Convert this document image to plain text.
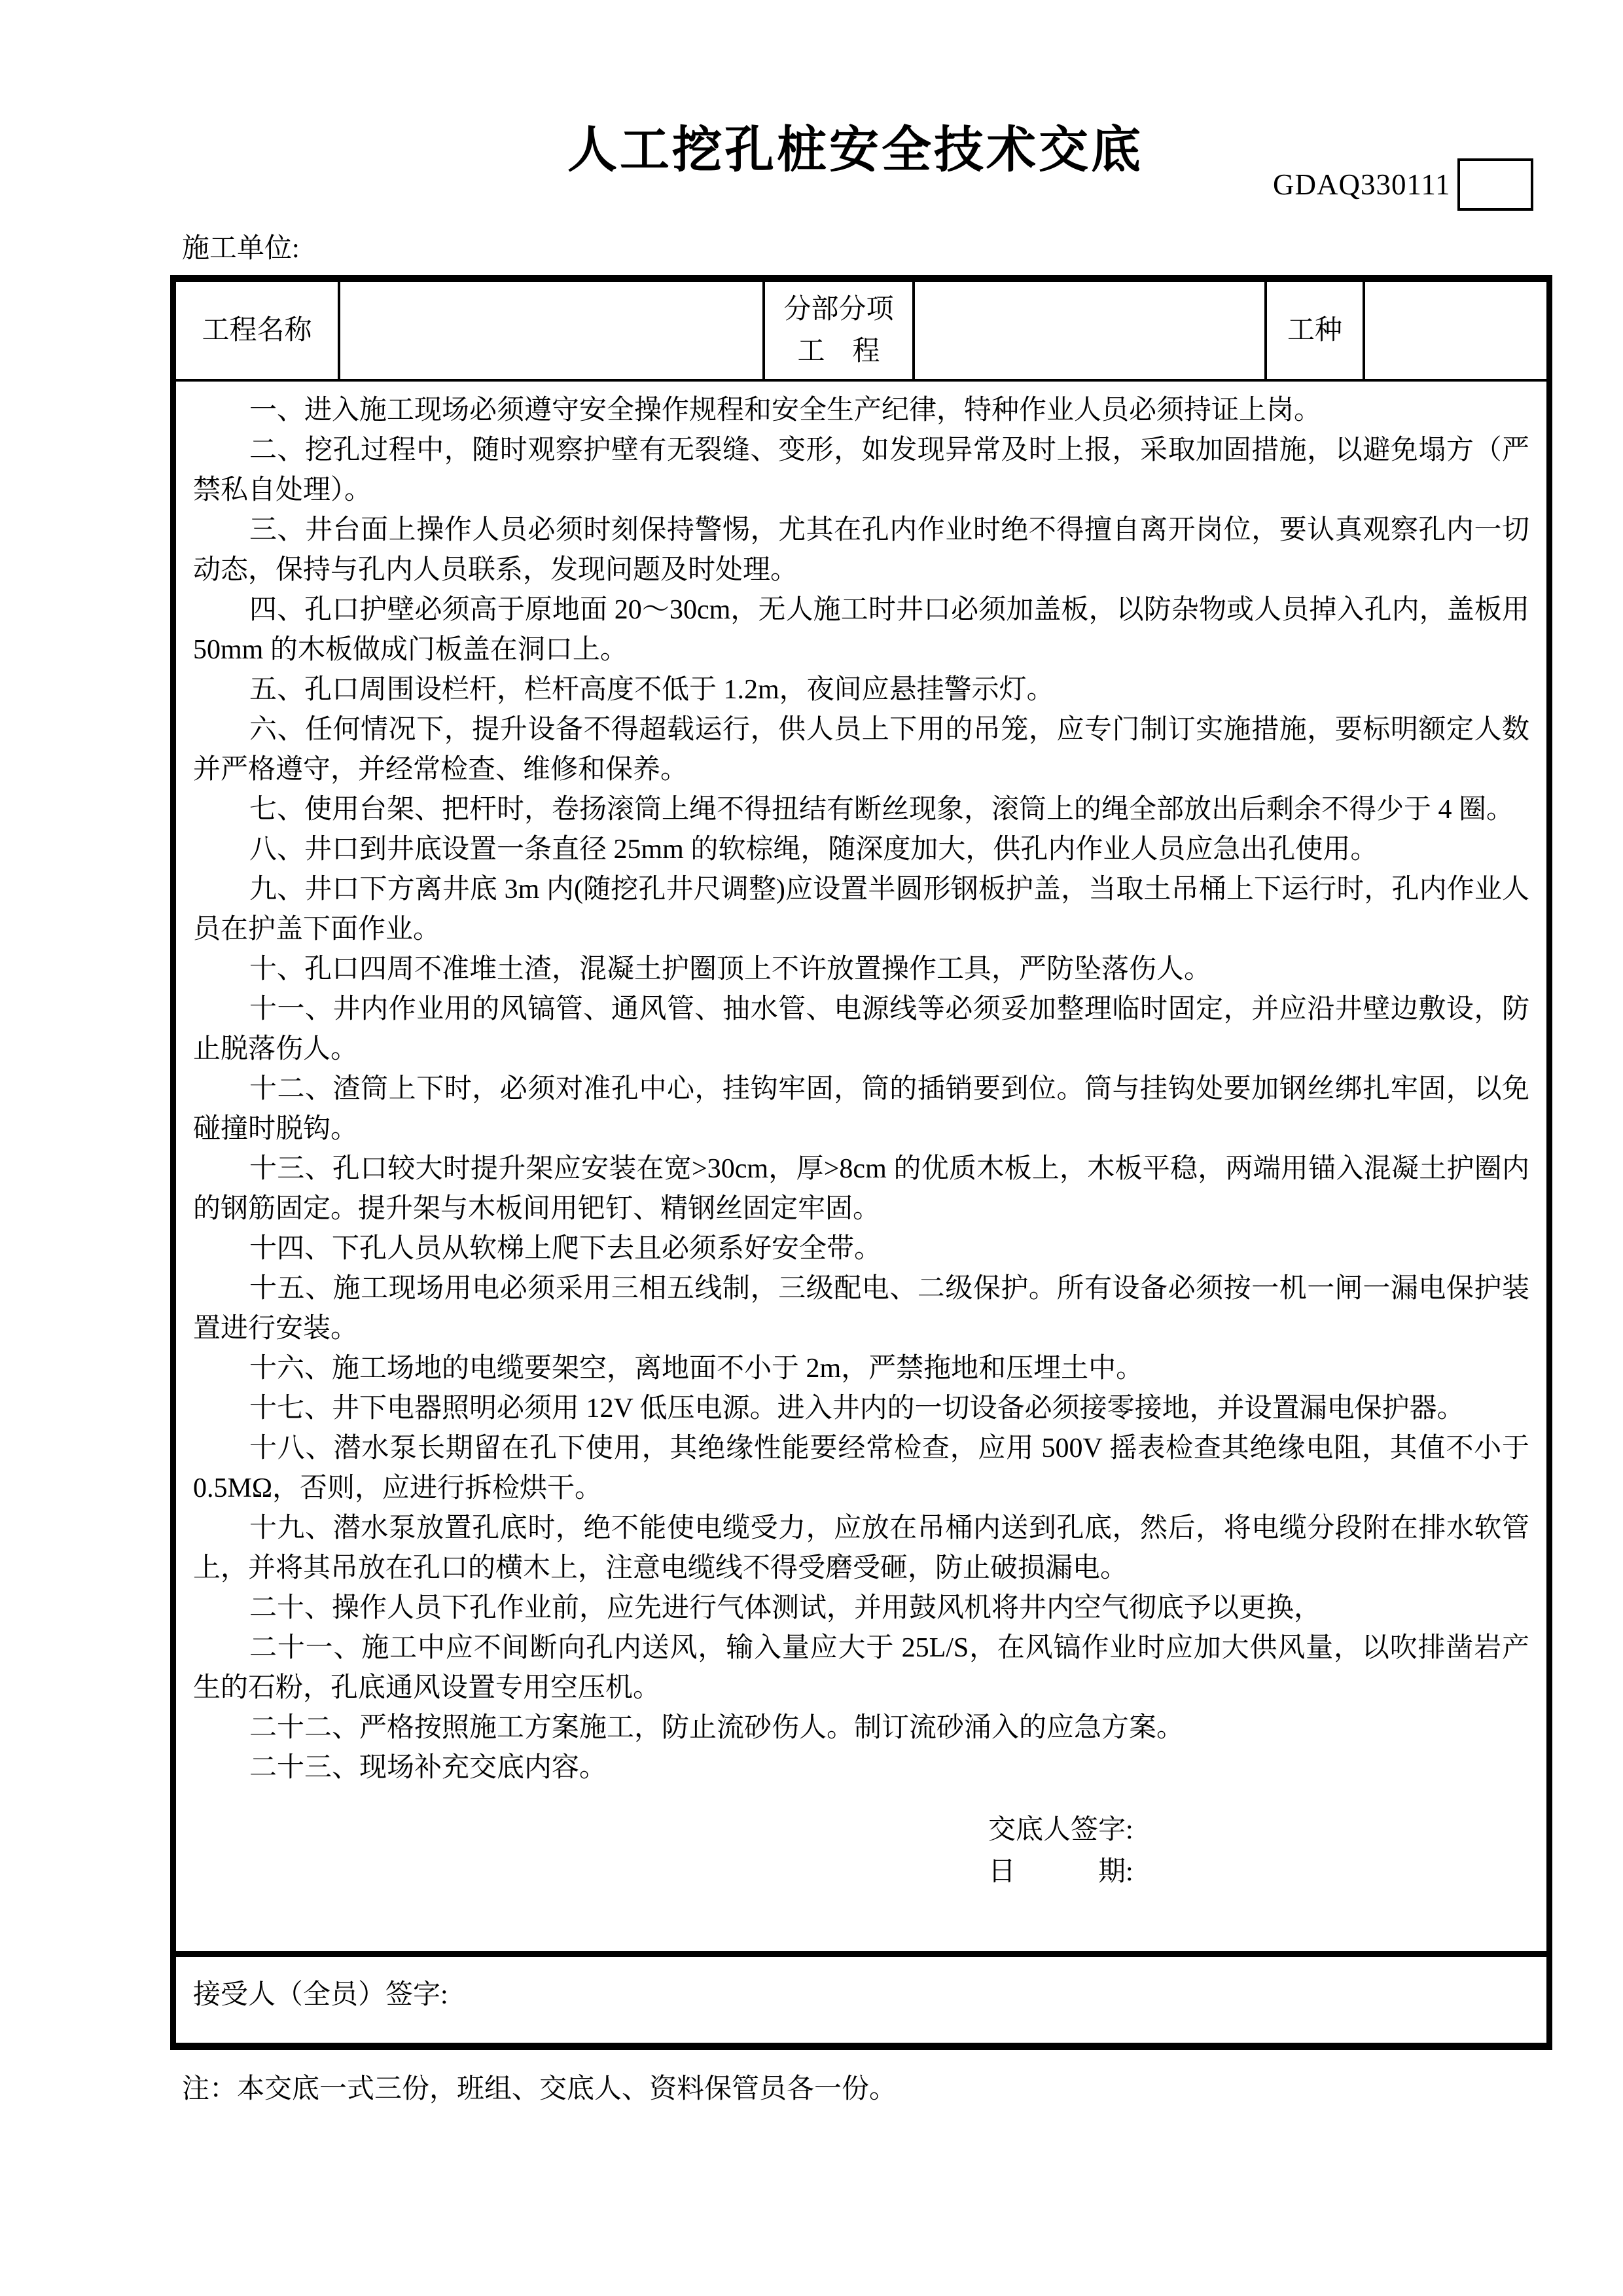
人工挖孔桩安全技术交底
GDAQ330111
施工单位:
工程名称
分部分项
工    程
工种

一、进入施工现场必须遵守安全操作规程和安全生产纪律，特种作业人员必须持证上岗。

二、挖孔过程中，随时观察护壁有无裂缝、变形，如发现异常及时上报，采取加固措施，以避免塌方（严禁私自处理）。

三、井台面上操作人员必须时刻保持警惕，尤其在孔内作业时绝不得擅自离开岗位，要认真观察孔内一切动态，保持与孔内人员联系，发现问题及时处理。

四、孔口护壁必须高于原地面 20～30cm，无人施工时井口必须加盖板，以防杂物或人员掉入孔内，盖板用 50mm 的木板做成门板盖在洞口上。

五、孔口周围设栏杆，栏杆高度不低于 1.2m，夜间应悬挂警示灯。

六、任何情况下，提升设备不得超载运行，供人员上下用的吊笼，应专门制订实施措施，要标明额定人数并严格遵守，并经常检查、维修和保养。

七、使用台架、把杆时，卷扬滚筒上绳不得扭结有断丝现象，滚筒上的绳全部放出后剩余不得少于 4 圈。

八、井口到井底设置一条直径 25mm 的软棕绳，随深度加大，供孔内作业人员应急出孔使用。

九、井口下方离井底 3m 内(随挖孔井尺调整)应设置半圆形钢板护盖，当取土吊桶上下运行时，孔内作业人员在护盖下面作业。

十、孔口四周不准堆土渣，混凝土护圈顶上不许放置操作工具，严防坠落伤人。

十一、井内作业用的风镐管、通风管、抽水管、电源线等必须妥加整理临时固定，并应沿井壁边敷设，防止脱落伤人。

十二、渣筒上下时，必须对准孔中心，挂钩牢固，筒的插销要到位。筒与挂钩处要加钢丝绑扎牢固，以免碰撞时脱钩。

十三、孔口较大时提升架应安装在宽>30cm，厚>8cm 的优质木板上，木板平稳，两端用锚入混凝土护圈内的钢筋固定。提升架与木板间用钯钉、精钢丝固定牢固。

十四、下孔人员从软梯上爬下去且必须系好安全带。

十五、施工现场用电必须采用三相五线制，三级配电、二级保护。所有设备必须按一机一闸一漏电保护装置进行安装。

十六、施工场地的电缆要架空，离地面不小于 2m，严禁拖地和压埋土中。

十七、井下电器照明必须用 12V 低压电源。进入井内的一切设备必须接零接地，并设置漏电保护器。

十八、潜水泵长期留在孔下使用，其绝缘性能要经常检查，应用 500V 摇表检查其绝缘电阻，其值不小于 0.5MΩ，否则，应进行拆检烘干。

十九、潜水泵放置孔底时，绝不能使电缆受力，应放在吊桶内送到孔底，然后，将电缆分段附在排水软管上，并将其吊放在孔口的横木上，注意电缆线不得受磨受砸，防止破损漏电。

二十、操作人员下孔作业前，应先进行气体测试，并用鼓风机将井内空气彻底予以更换，

二十一、施工中应不间断向孔内送风，输入量应大于 25L/S，在风镐作业时应加大供风量，以吹排凿岩产生的石粉，孔底通风设置专用空压机。

二十二、严格按照施工方案施工，防止流砂伤人。制订流砂涌入的应急方案。

二十三、现场补充交底内容。

交底人签字:

日　　　期:

接受人（全员）签字:
注：本交底一式三份，班组、交底人、资料保管员各一份。
